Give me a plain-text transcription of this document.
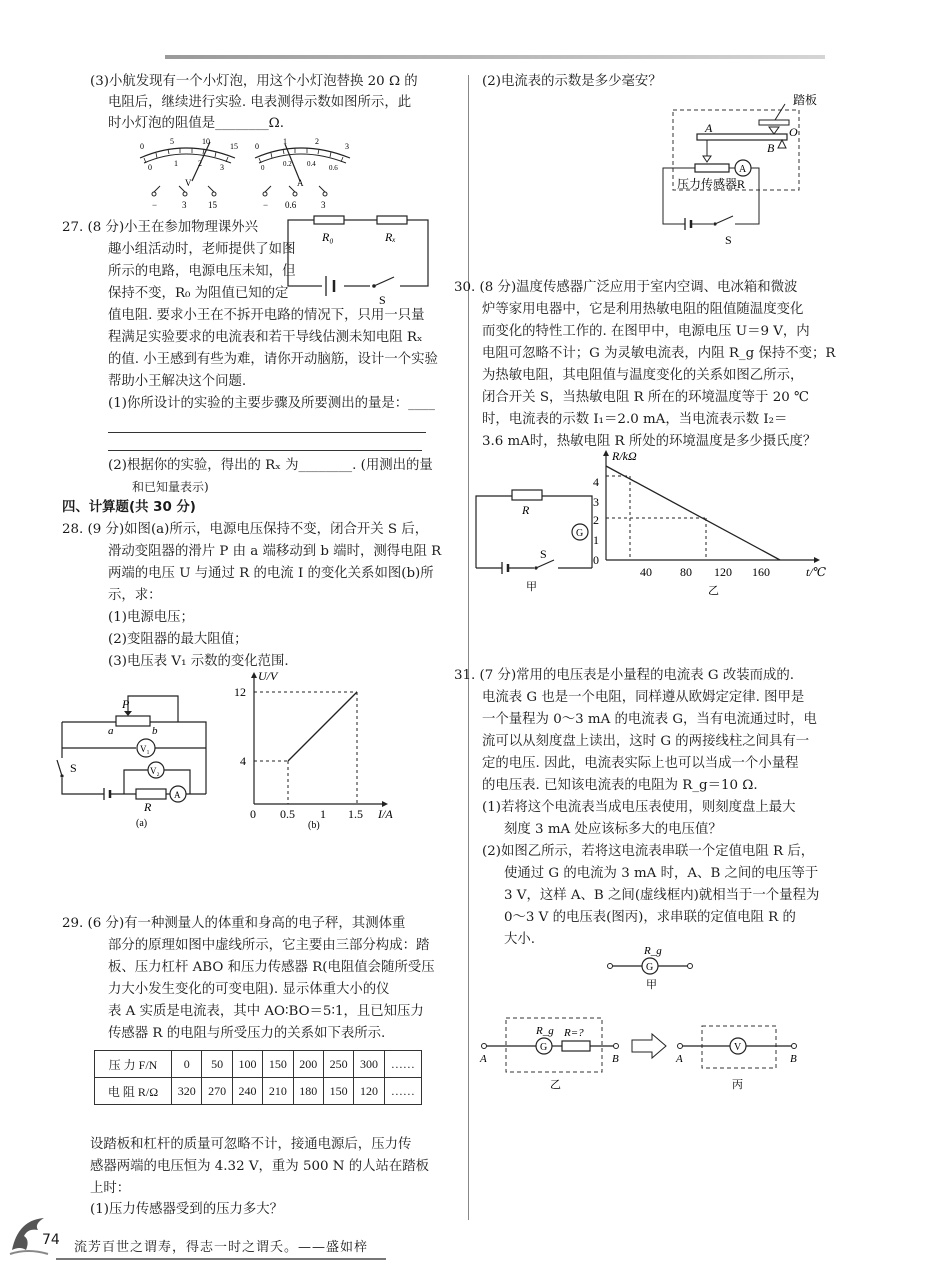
(3)小航发现有一个小灯泡，用这个小灯泡替换 20 Ω 的
电阻后，继续进行实验. 电表测得示数如图所示，此
时小灯泡的阻值是________Ω.
0
5	10
15
0	1	2 3
V
−	3 15
0
1	2
3
0	0.2 0.4 0.6
A
− 0.6	3
27. (8 分)小王在参加物理课外兴
趣小组活动时，老师提供了如图
所示的电路，电源电压未知，但
保持不变，R₀ 为阻值已知的定
值电阻. 要求小王在不拆开电路的情况下，只用一只量
程满足实验要求的电流表和若干导线估测未知电阻 Rₓ
的值. 小王感到有些为难，请你开动脑筋，设计一个实验
帮助小王解决这个问题.
(1)你所设计的实验的主要步骤及所要测出的量是：____
(2)根据你的实验，得出的 Rₓ 为________. (用测出的量
和已知量表示)
R₀	Rₓ
S
四、计算题(共 30 分)
28. (9 分)如图(a)所示，电源电压保持不变，闭合开关 S 后，
滑动变阻器的滑片 P 由 a 端移动到 b 端时，测得电阻 R
两端的电压 U 与通过 R 的电流 I 的变化关系如图(b)所
示，求：
(1)电源电压；
(2)变阻器的最大阻值；
(3)电压表 V₁ 示数的变化范围.
P
a	b
V₁
V₂
R
A
S
(a)
U/V
I/A
12
4
0 0.5 1 1.5
(b)
29. (6 分)有一种测量人的体重和身高的电子秤，其测体重
部分的原理如图中虚线所示，它主要由三部分构成：踏
板、压力杠杆 ABO 和压力传感器 R(电阻值会随所受压
力大小发生变化的可变电阻). 显示体重大小的仪
表 A 实质是电流表，其中 AO∶BO＝5∶1，且已知压力
传感器 R 的电阻与所受压力的关系如下表所示.
压 力 F/N	0	50	100	150	200	250	300	……
电 阻 R/Ω	320	270	240	210	180	150	120	……
设踏板和杠杆的质量可忽略不计，接通电源后，压力传
感器两端的电压恒为 4.32 V，重为 500 N 的人站在踏板
上时：
(1)压力传感器受到的压力多大？
(2)电流表的示数是多少毫安？
踏板
A
B
O
A
压力传感器R
S
30. (8 分)温度传感器广泛应用于室内空调、电冰箱和微波
炉等家用电器中，它是利用热敏电阻的阻值随温度变化
而变化的特性工作的. 在图甲中，电源电压 U＝9 V，内
电阻可忽略不计；G 为灵敏电流表，内阻 R_g 保持不变；R
为热敏电阻，其电阻值与温度变化的关系如图乙所示，
闭合开关 S，当热敏电阻 R 所在的环境温度等于 20 ℃
时，电流表的示数 I₁＝2.0 mA，当电流表示数 I₂＝
3.6 mA时，热敏电阻 R 所处的环境温度是多少摄氏度？
R
G
S
甲
R/kΩ
t/℃
4
3
2
1
0
40 80 120 160
乙
31. (7 分)常用的电压表是小量程的电流表 G 改装而成的.
电流表 G 也是一个电阻，同样遵从欧姆定定律. 图甲是
一个量程为 0～3 mA 的电流表 G，当有电流通过时，电
流可以从刻度盘上读出，这时 G 的两接线柱之间具有一
定的电压. 因此，电流表实际上也可以当成一个小量程
的电压表. 已知该电流表的电阻为 R_g＝10 Ω.
(1)若将这个电流表当成电压表使用，则刻度盘上最大
刻度 3 mA 处应该标多大的电压值？
(2)如图乙所示，若将这电流表串联一个定值电阻 R 后，
使通过 G 的电流为 3 mA 时，A、B 之间的电压等于
3 V，这样 A、B 之间(虚线框内)就相当于一个量程为
0～3 V 的电压表(图丙)，求串联的定值电阻 R 的
大小.
G
R_g
甲
A
G
R_g R=?
B
乙
A
V
B
丙
74 流芳百世之谓寿，得志一时之谓夭。——盛如梓
